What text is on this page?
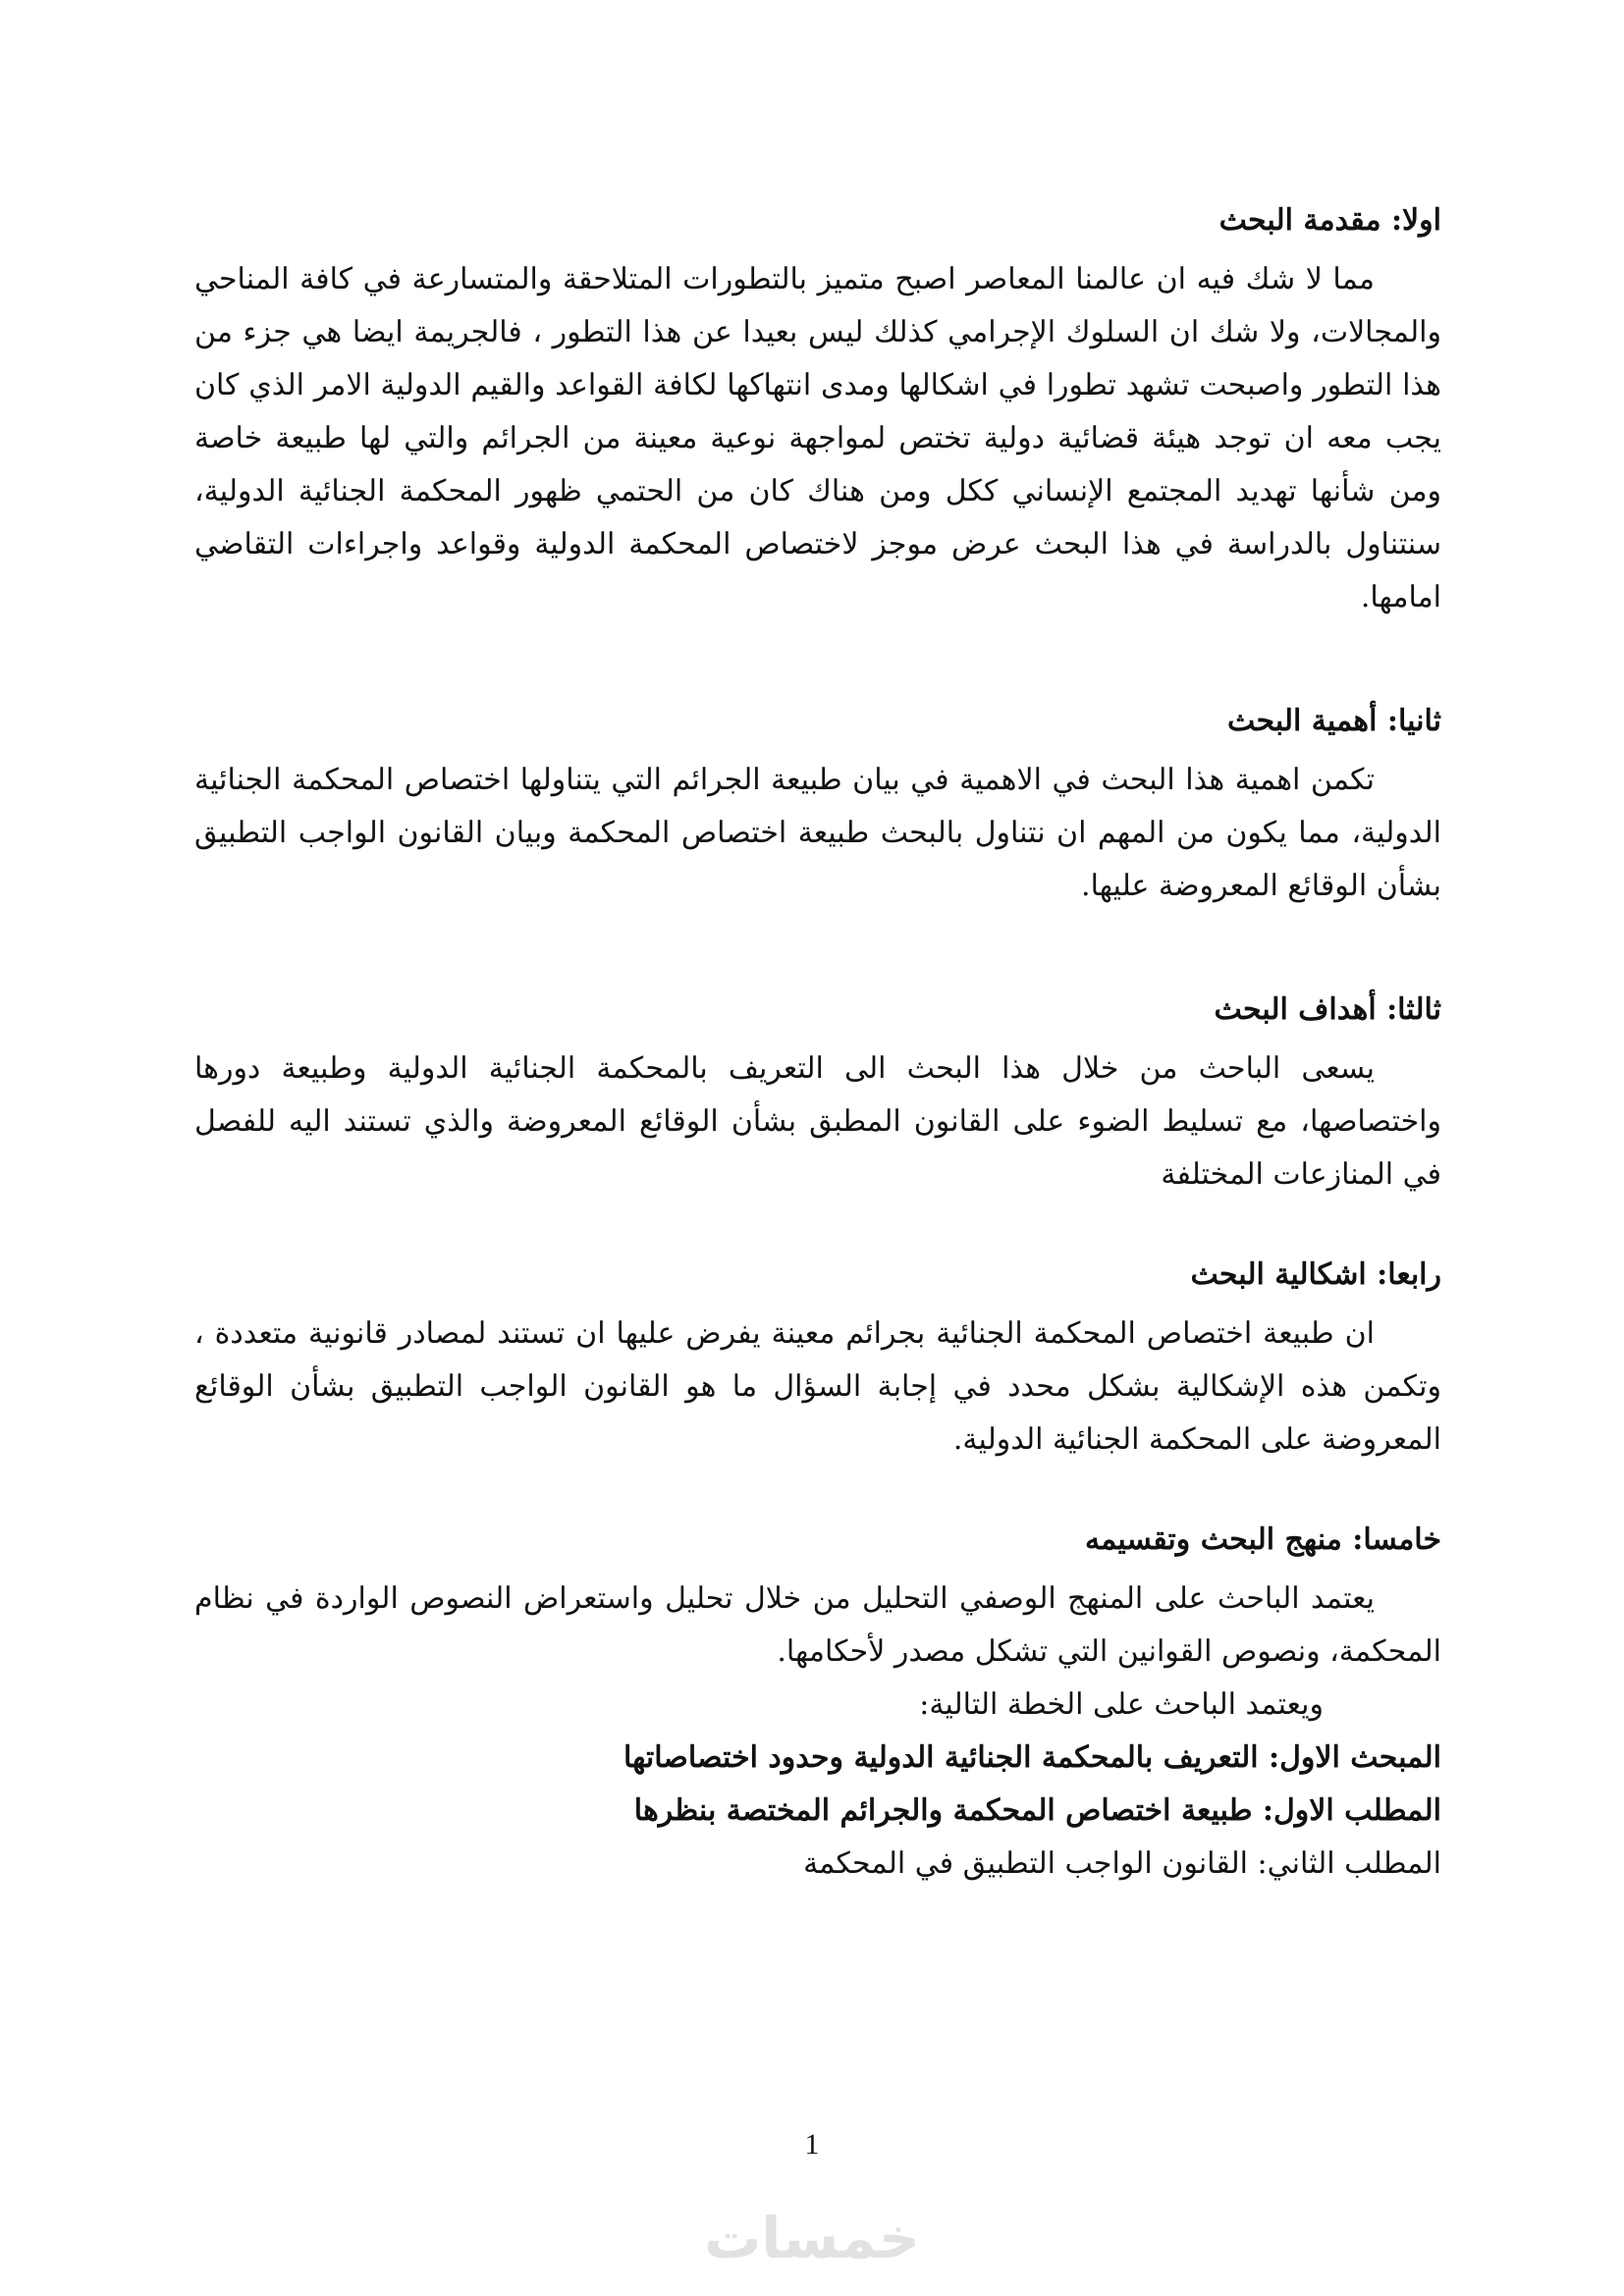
اولا: مقدمة البحث

مما لا شك فيه ان عالمنا المعاصر اصبح متميز بالتطورات المتلاحقة والمتسارعة في كافة المناحي والمجالات، ولا شك ان السلوك الإجرامي كذلك ليس بعيدا عن هذا التطور ، فالجريمة ايضا هي جزء من هذا التطور واصبحت تشهد تطورا في اشكالها ومدى انتهاكها لكافة القواعد والقيم الدولية الامر الذي كان يجب معه ان توجد هيئة قضائية دولية تختص لمواجهة نوعية معينة من الجرائم والتي لها طبيعة خاصة ومن شأنها تهديد المجتمع الإنساني ككل ومن هناك كان من الحتمي ظهور المحكمة الجنائية الدولية، سنتناول بالدراسة في هذا البحث عرض موجز لاختصاص المحكمة الدولية وقواعد واجراءات التقاضي امامها.

ثانيا: أهمية البحث

تكمن اهمية هذا البحث في الاهمية في بيان طبيعة الجرائم التي يتناولها اختصاص المحكمة الجنائية الدولية، مما يكون من المهم ان نتناول بالبحث طبيعة اختصاص المحكمة وبيان القانون الواجب التطبيق بشأن الوقائع المعروضة عليها.

ثالثا: أهداف البحث

يسعى الباحث من خلال هذا البحث الى التعريف بالمحكمة الجنائية الدولية وطبيعة دورها واختصاصها، مع تسليط الضوء على القانون المطبق بشأن الوقائع المعروضة والذي تستند اليه للفصل في المنازعات المختلفة

رابعا: اشكالية البحث

ان طبيعة اختصاص المحكمة الجنائية بجرائم معينة يفرض عليها ان تستند لمصادر قانونية متعددة ، وتكمن هذه الإشكالية بشكل محدد في إجابة السؤال ما هو القانون الواجب التطبيق بشأن الوقائع المعروضة على المحكمة الجنائية الدولية.

خامسا: منهج البحث وتقسيمه

يعتمد الباحث على المنهج الوصفي التحليل من خلال تحليل واستعراض النصوص الواردة في نظام المحكمة، ونصوص القوانين التي تشكل مصدر لأحكامها.

ويعتمد الباحث على الخطة التالية:

المبحث الاول: التعريف بالمحكمة الجنائية الدولية وحدود اختصاصاتها

المطلب الاول: طبيعة اختصاص المحكمة والجرائم المختصة بنظرها

المطلب الثاني: القانون الواجب التطبيق في المحكمة

1
خمسات
